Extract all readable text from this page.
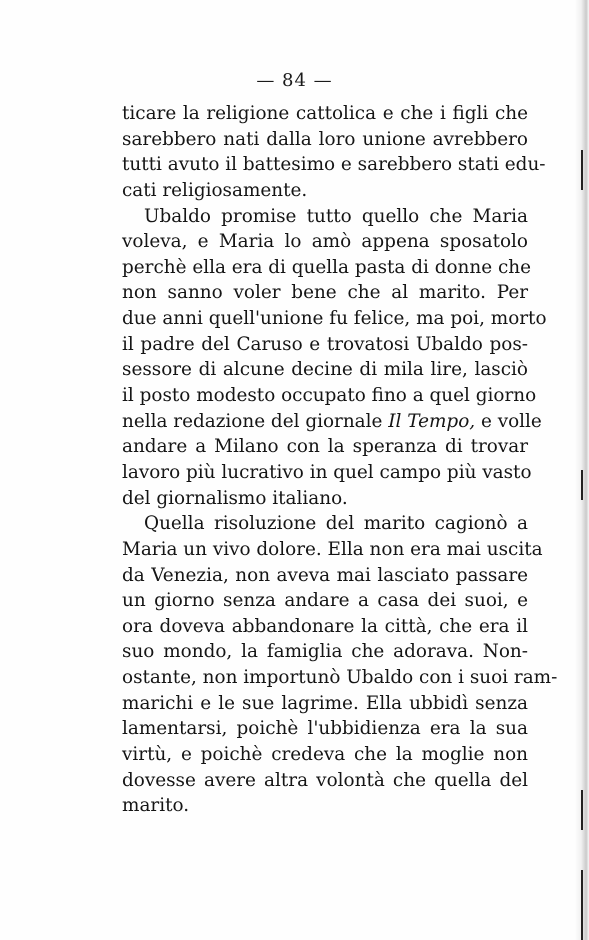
— 84 —
ticare la religione cattolica e che i figli che
sarebbero nati dalla loro unione avrebbero
tutti avuto il battesimo e sarebbero stati edu-
cati religiosamente.
Ubaldo promise tutto quello che Maria
voleva, e Maria lo amò appena sposatolo
perchè ella era di quella pasta di donne che
non sanno voler bene che al marito. Per
due anni quell'unione fu felice, ma poi, morto
il padre del Caruso e trovatosi Ubaldo pos-
sessore di alcune decine di mila lire, lasciò
il posto modesto occupato fino a quel giorno
nella redazione del giornale Il Tempo, e volle
andare a Milano con la speranza di trovar
lavoro più lucrativo in quel campo più vasto
del giornalismo italiano.
Quella risoluzione del marito cagionò a
Maria un vivo dolore. Ella non era mai uscita
da Venezia, non aveva mai lasciato passare
un giorno senza andare a casa dei suoi, e
ora doveva abbandonare la città, che era il
suo mondo, la famiglia che adorava. Non-
ostante, non importunò Ubaldo con i suoi ram-
marichi e le sue lagrime. Ella ubbidì senza
lamentarsi, poichè l'ubbidienza era la sua
virtù, e poichè credeva che la moglie non
dovesse avere altra volontà che quella del
marito.
